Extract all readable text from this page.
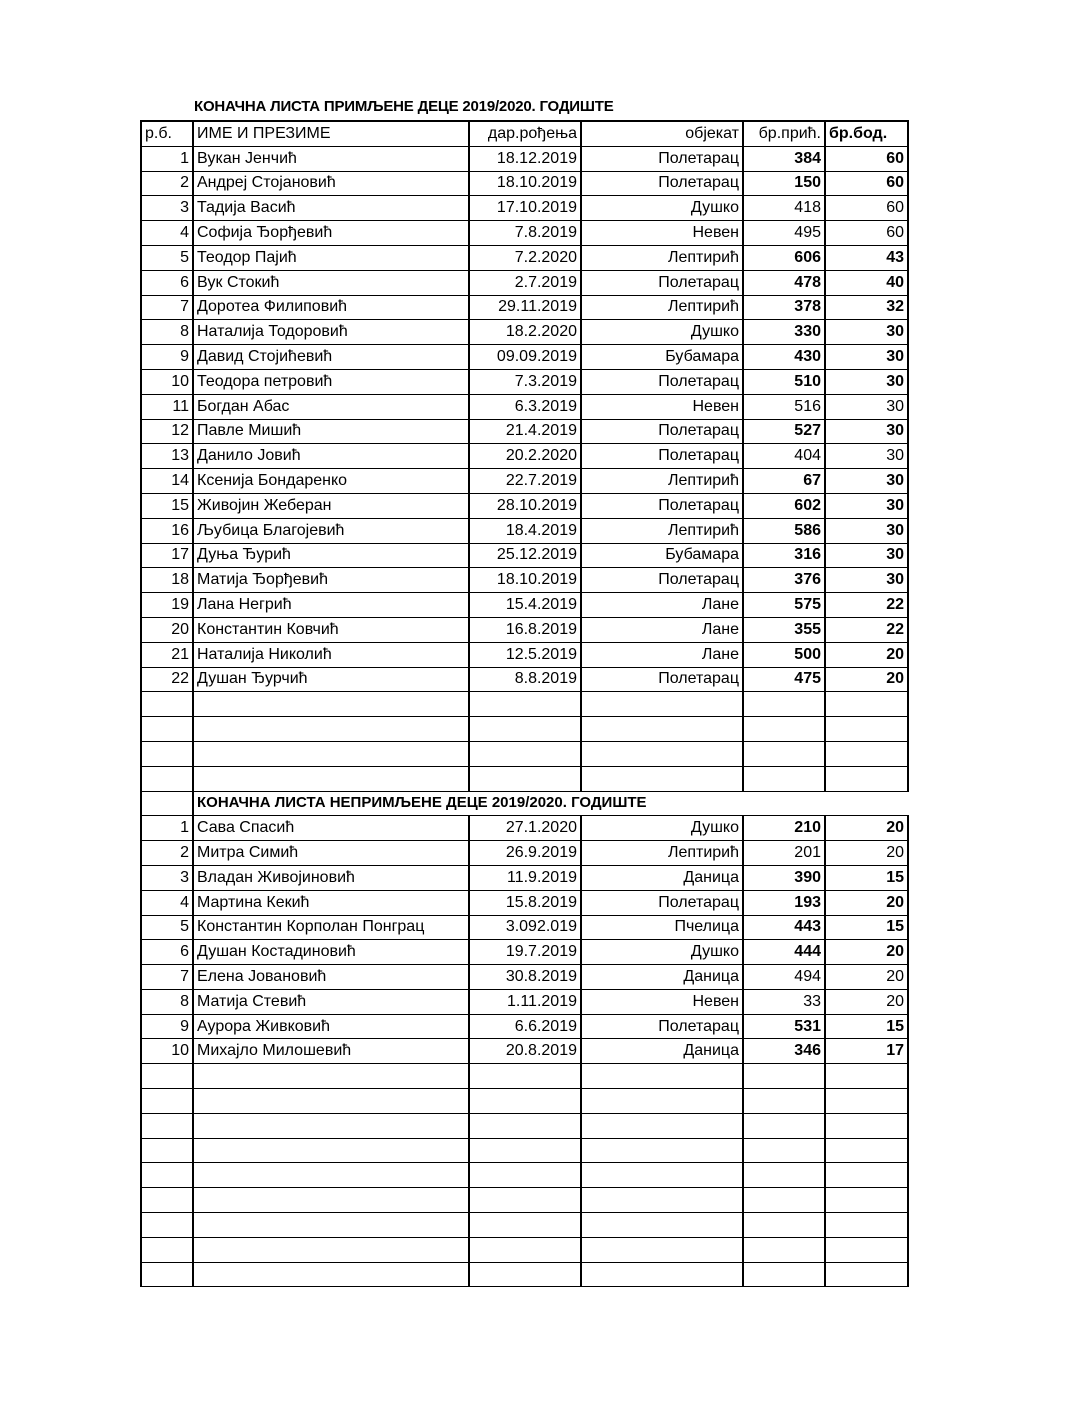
КОНАЧНА ЛИСТА ПРИМЉЕНЕ ДЕЦЕ 2019/2020. ГОДИШТЕ
р.б.	ИМЕ И ПРЕЗИМЕ	дар.рођења	објекат	бр.прић.	бр.бод.
1	Вукан Јенчић	18.12.2019	Полетарац	384	60
2	Андреј Стојановић	18.10.2019	Полетарац	150	60
3	Тадија Васић	17.10.2019	Душко	418	60
4	Софија Ђорђевић	7.8.2019	Невен	495	60
5	Теодор Пајић	7.2.2020	Лептирић	606	43
6	Вук Стокић	2.7.2019	Полетарац	478	40
7	Доротеа Филиповић	29.11.2019	Лептирић	378	32
8	Наталија Тодоровић	18.2.2020	Душко	330	30
9	Давид Стојићевић	09.09.2019	Бубамара	430	30
10	Теодора петровић	7.3.2019	Полетарац	510	30
11	Богдан Абас	6.3.2019	Невен	516	30
12	Павле Мишић	21.4.2019	Полетарац	527	30
13	Данило Јовић	20.2.2020	Полетарац	404	30
14	Ксенија Бондаренко	22.7.2019	Лептирић	67	30
15	Живојин Жеберан	28.10.2019	Полетарац	602	30
16	Љубица Благојевић	18.4.2019	Лептирић	586	30
17	Дуња Ђурић	25.12.2019	Бубамара	316	30
18	Матија Ђорђевић	18.10.2019	Полетарац	376	30
19	Лана Негрић	15.4.2019	Лане	575	22
20	Константин Ковчић	16.8.2019	Лане	355	22
21	Наталија Николић	12.5.2019	Лане	500	20
22	Душан Ђурчић	8.8.2019	Полетарац	475	20

	КОНАЧНА ЛИСТА НЕПРИМЉЕНЕ ДЕЦЕ 2019/2020. ГОДИШТЕ				
1	Сава Спасић	27.1.2020	Душко	210	20
2	Митра Симић	26.9.2019	Лептирић	201	20
3	Владан Живојиновић	11.9.2019	Даница	390	15
4	Мартина Кекић	15.8.2019	Полетарац	193	20
5	Константин Корполан Понграц	3.092.019	Пчелица	443	15
6	Душан Костадиновић	19.7.2019	Душко	444	20
7	Елена Јовановић	30.8.2019	Даница	494	20
8	Матија Стевић	1.11.2019	Невен	33	20
9	Аурора Живковић	6.6.2019	Полетарац	531	15
10	Михајло Милошевић	20.8.2019	Даница	346	17
